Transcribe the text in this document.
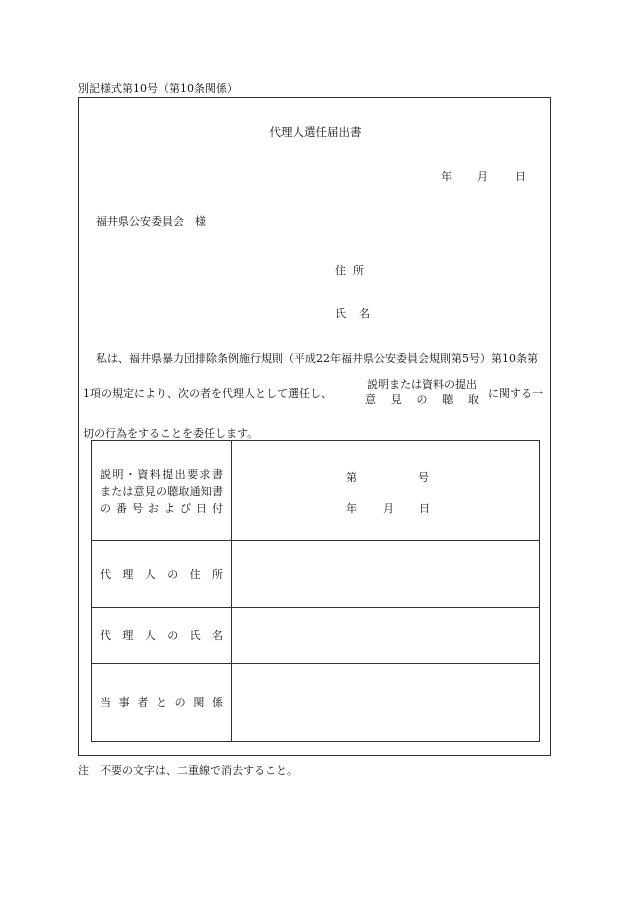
別記様式第10号（第10条関係）
代理人選任届出書
年 月 日
福井県公安委員会　様
住所
氏名
私は、福井県暴力団排除条例施行規則（平成22年福井県公安委員会規則第5号）第10条第
1項の規定により、次の者を代理人として選任し、
説明または資料の提出
意見の聴取 に関する一
切の行為をすることを委任します。
説明・資料提出要求書
または意見の聴取通知書
の番号および日付
第	号
年 月 日
代理人の住所
代理人の氏名
当事者との関係
注　不要の文字は、二重線で消去すること。
